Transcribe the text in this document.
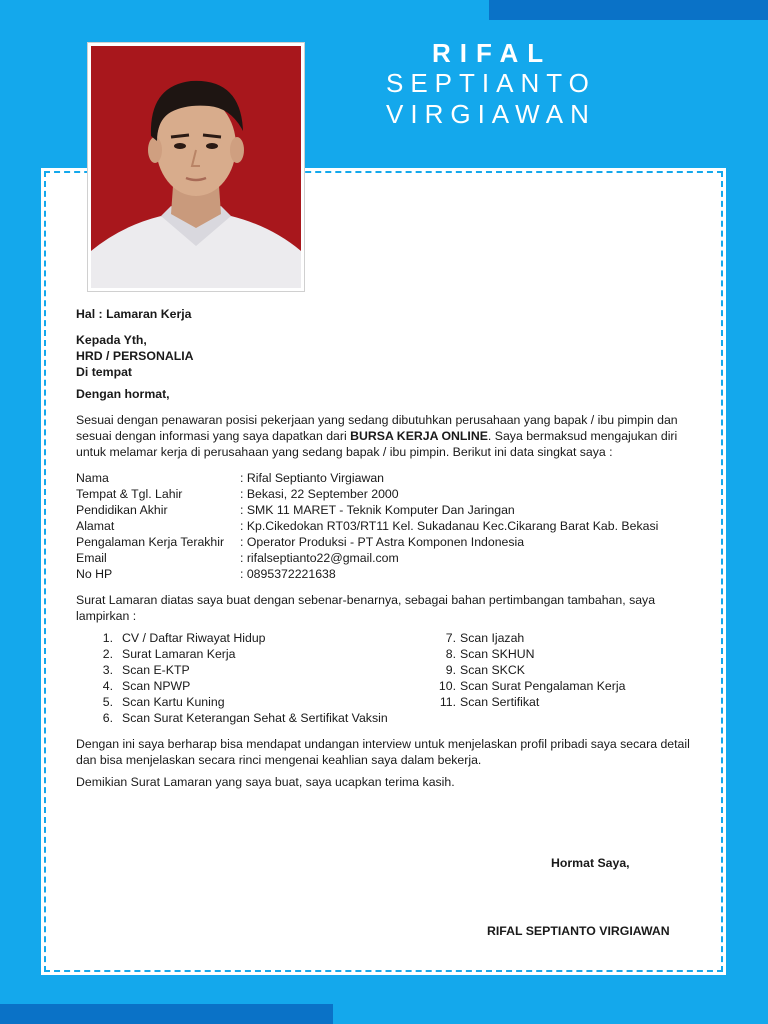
RIFAL
SEPTIANTO
VIRGIAWAN
Hal : Lamaran Kerja
Kepada Yth,
HRD / PERSONALIA
Di tempat
Dengan hormat,

Sesuai dengan penawaran posisi pekerjaan yang sedang dibutuhkan perusahaan yang bapak / ibu pimpin dan sesuai dengan informasi yang saya dapatkan dari BURSA KERJA ONLINE. Saya bermaksud mengajukan diri untuk melamar kerja di perusahaan yang sedang bapak / ibu pimpin. Berikut ini data singkat saya :

Nama	: Rifal Septianto Virgiawan
Tempat & Tgl. Lahir	: Bekasi, 22 September 2000
Pendidikan Akhir	: SMK 11 MARET - Teknik Komputer Dan Jaringan
Alamat	: Kp.Cikedokan RT03/RT11 Kel. Sukadanau Kec.Cikarang Barat Kab. Bekasi
Pengalaman Kerja Terakhir	: Operator Produksi - PT Astra Komponen Indonesia
Email	: rifalseptianto22@gmail.com
No HP	: 0895372221638

Surat Lamaran diatas saya buat dengan sebenar-benarnya, sebagai bahan pertimbangan tambahan, saya lampirkan :

1. CV / Daftar Riwayat Hidup
2. Surat Lamaran Kerja
3. Scan E-KTP
4. Scan NPWP
5. Scan Kartu Kuning
6. Scan Surat Keterangan Sehat & Sertifikat Vaksin
7. Scan Ijazah
8. Scan SKHUN
9. Scan SKCK
10. Scan Surat Pengalaman Kerja
11. Scan Sertifikat

Dengan ini saya berharap bisa mendapat undangan interview untuk menjelaskan profil pribadi saya secara detail dan bisa menjelaskan secara rinci mengenai keahlian saya dalam bekerja.

Demikian Surat Lamaran yang saya buat, saya ucapkan terima kasih.

Hormat Saya,
RIFAL SEPTIANTO VIRGIAWAN
